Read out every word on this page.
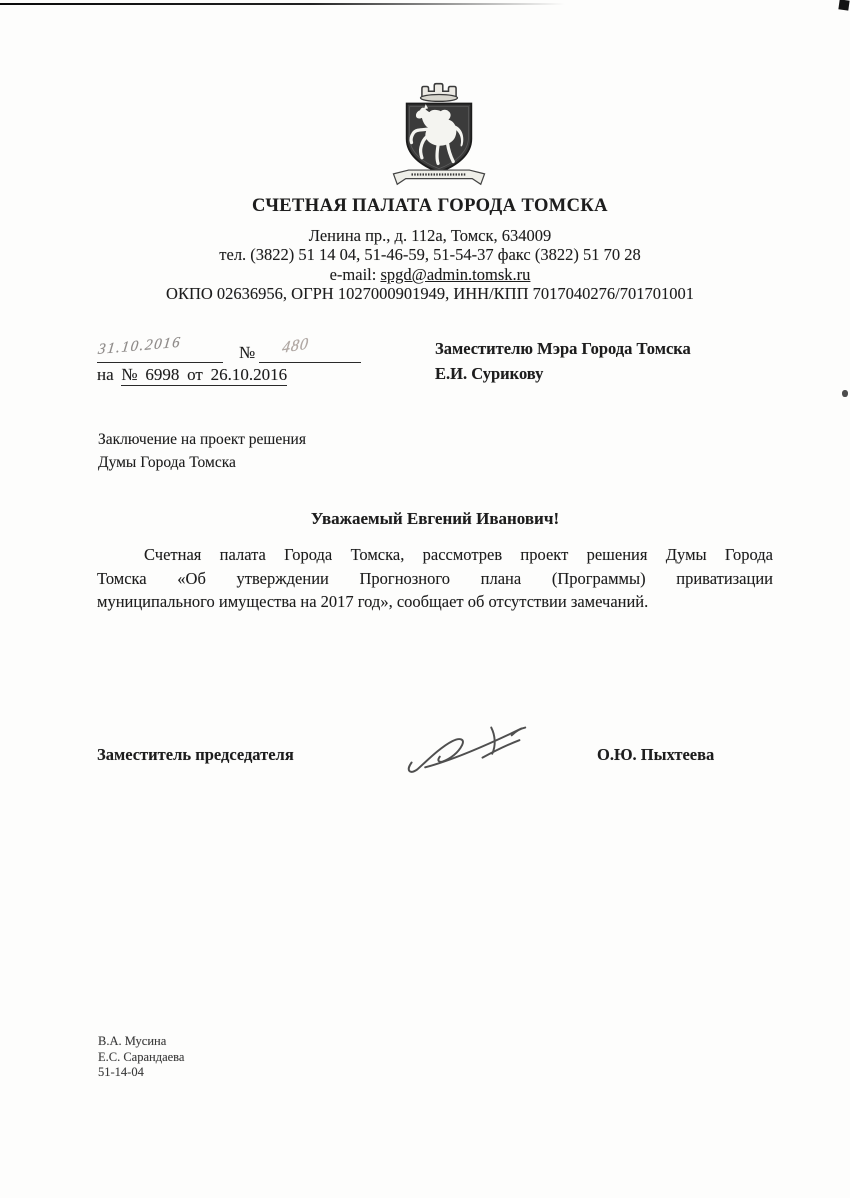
СЧЕТНАЯ ПАЛАТА ГОРОДА ТОМСКА
Ленина пр., д. 112а, Томск, 634009
тел. (3822) 51 14 04, 51-46-59, 51-54-37 факс (3822) 51 70 28
e-mail: spgd@admin.tomsk.ru
ОКПО 02636956, ОГРН 1027000901949, ИНН/КПП 7017040276/701701001
31.10.2016	№ 480
на № 6998 от 26.10.2016
Заместителю Мэра Города Томска
Е.И. Сурикову
Заключение на проект решения
Думы Города Томска
Уважаемый Евгений Иванович!
Счетная палата Города Томска, рассмотрев проект решения Думы Города
Томска «Об утверждении Прогнозного плана (Программы) приватизации
муниципального имущества на 2017 год», сообщает об отсутствии замечаний.
Заместитель председателя	О.Ю. Пыхтеева
В.А. Мусина
Е.С. Сарандаева
51-14-04
